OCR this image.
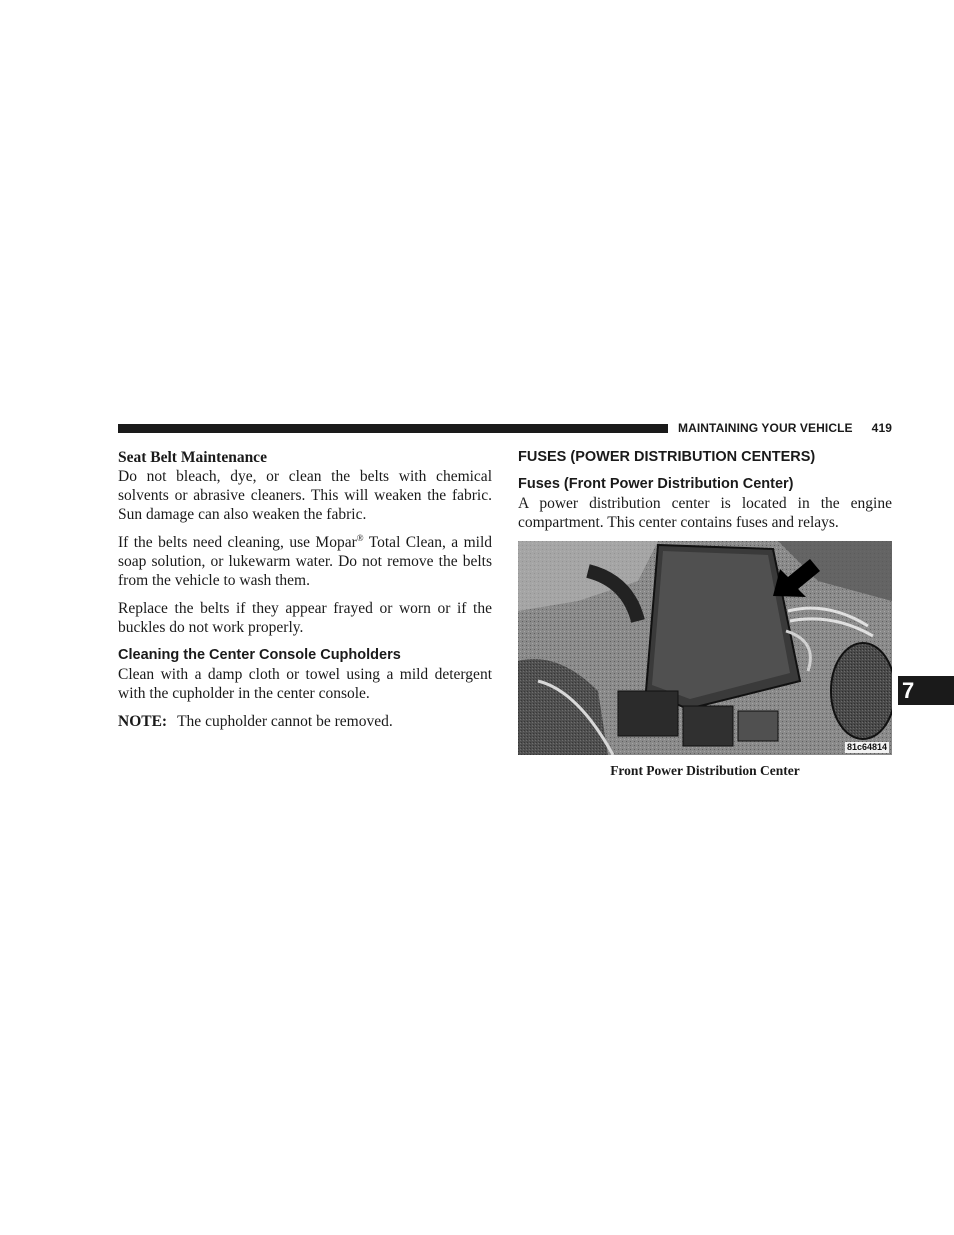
MAINTAINING YOUR VEHICLE 419
Seat Belt Maintenance

Do not bleach, dye, or clean the belts with chemical solvents or abrasive cleaners. This will weaken the fabric. Sun damage can also weaken the fabric.

If the belts need cleaning, use Mopar® Total Clean, a mild soap solution, or lukewarm water. Do not remove the belts from the vehicle to wash them.

Replace the belts if they appear frayed or worn or if the buckles do not work properly.

Cleaning the Center Console Cupholders

Clean with a damp cloth or towel using a mild detergent with the cupholder in the center console.

NOTE: The cupholder cannot be removed.

FUSES (POWER DISTRIBUTION CENTERS)
Fuses (Front Power Distribution Center)

A power distribution center is located in the engine compartment. This center contains fuses and relays.

81c64814
Front Power Distribution Center
7
